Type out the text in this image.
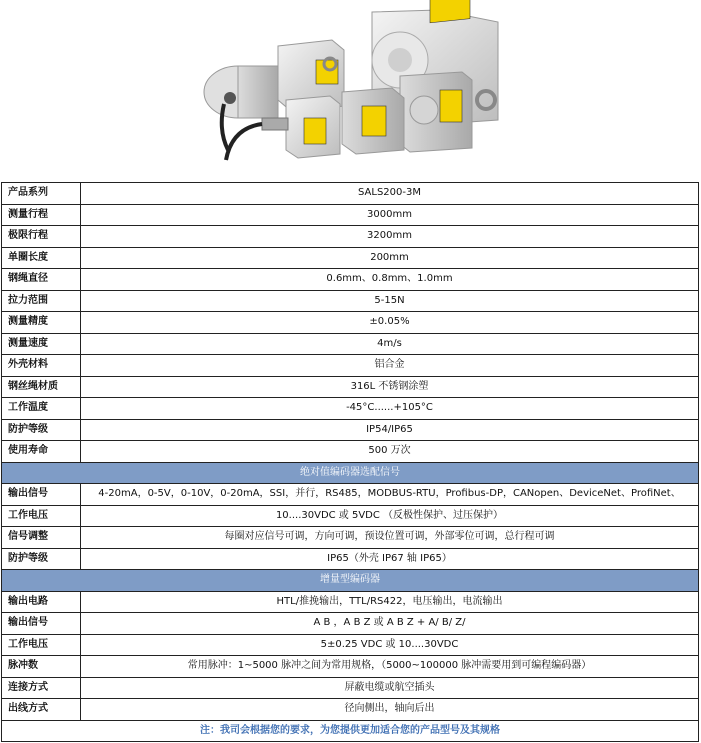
产品系列	SALS200-3M
测量行程	3000mm
极限行程	3200mm
单圈长度	200mm
钢绳直径	0.6mm、0.8mm、1.0mm
拉力范围	5-15N
测量精度	±0.05%
测量速度	4m/s
外壳材料	铝合金
钢丝绳材质	316L 不锈钢涂塑
工作温度	-45°C......+105°C
防护等级	IP54/IP65
使用寿命	500 万次
绝对值编码器选配信号	
输出信号	4-20mA，0-5V，0-10V，0-20mA，SSI，并行，RS485，MODBUS-RTU，Profibus-DP，CANopen、DeviceNet、ProfiNet、
工作电压	10....30VDC 或 5VDC （反极性保护、过压保护）
信号调整	每圈对应信号可调，方向可调，预设位置可调，外部零位可调，总行程可调
防护等级	IP65（外壳 IP67 轴 IP65）
增量型编码器	
输出电路	HTL/推挽输出，TTL/RS422，电压输出，电流输出
输出信号	A B ，A B Z 或 A B Z + A/ B/ Z/
工作电压	5±0.25 VDC 或 10....30VDC
脉冲数	常用脉冲：1~5000 脉冲之间为常用规格，（5000~100000 脉冲需要用到可编程编码器）
连接方式	屏蔽电缆或航空插头
出线方式	径向侧出，轴向后出
注：我司会根据您的要求，为您提供更加适合您的产品型号及其规格	
